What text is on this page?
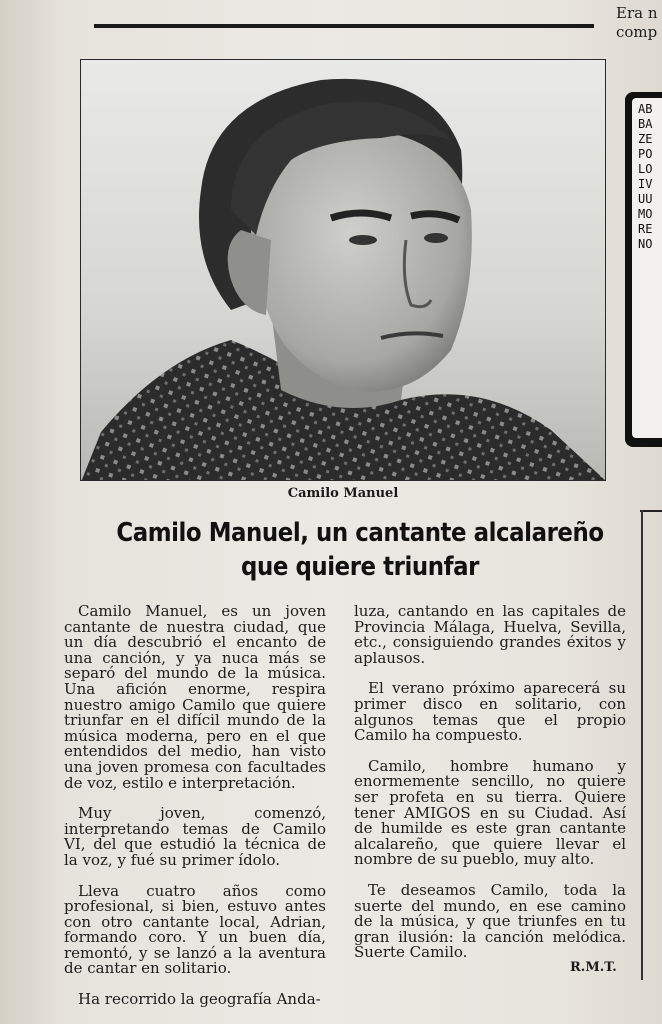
Era n
comp
Camilo Manuel
Camilo Manuel, un cantante alcalareño que quiere triunfar

Camilo Manuel, es un joven cantante de nuestra ciudad, que un día descubrió el encanto de una canción, y ya nuca más se separó del mundo de la música. Una afición enorme, respira nuestro amigo Camilo que quiere triunfar en el difícil mundo de la música moderna, pero en el que entendidos del medio, han visto una joven promesa con facultades de voz, estilo e interpretación.

Muy joven, comenzó, interpretando temas de Camilo VI, del que estudió la técnica de la voz, y fué su primer ídolo.

Lleva cuatro años como profesional, si bien, estuvo antes con otro cantante local, Adrian, formando coro. Y un buen día, remontó, y se lanzó a la aventura de cantar en solitario.

Ha recorrido la geografía Anda-

luza, cantando en las capitales de Provincia Málaga, Huelva, Sevilla, etc., consiguiendo grandes éxitos y aplausos.

El verano próximo aparecerá su primer disco en solitario, con algunos temas que el propio Camilo ha compuesto.

Camilo, hombre humano y enormemente sencillo, no quiere ser profeta en su tierra. Quiere tener AMIGOS en su Ciudad. Así de humilde es este gran cantante alcalareño, que quiere llevar el nombre de su pueblo, muy alto.

Te deseamos Camilo, toda la suerte del mundo, en ese camino de la música, y que triunfes en tu gran ilusión: la canción melódica. Suerte Camilo.

R.M.T.
ABBAZEPOLOIVUUMORENO
